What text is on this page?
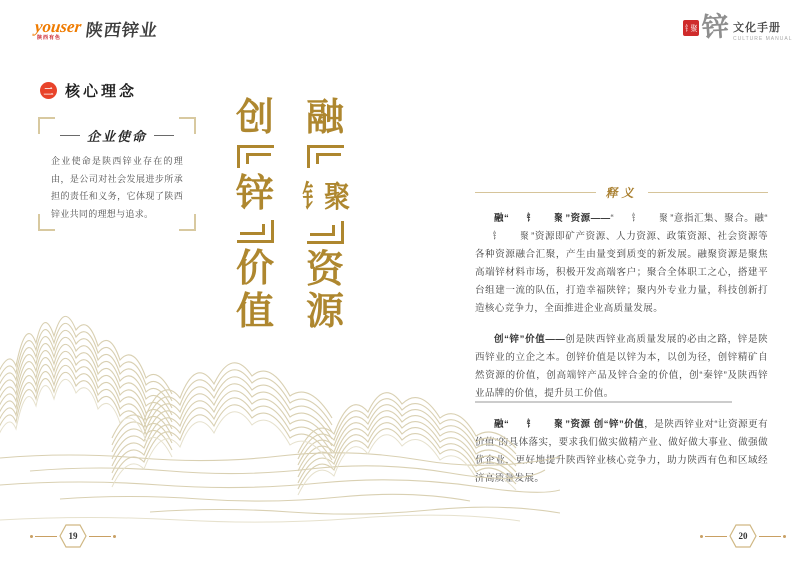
youser
陕西有色 陕西锌业	钅 聚 锌 文化手册
CULTURE MANUAL
二 核心理念
企业使命
企业使命是陕西锌业存在的理由，是公司对社会发展进步所承担的责任和义务，它体现了陕西锌业共同的理想与追求。
创
锌
价
值
融
钅 聚
资
源
释义

融“	钅	聚 ”资源——“	钅	聚 ”意指汇集、聚合。融“
钅	聚 ”资源即矿产资源、人力资源、政策资源、社会资源等各种资源融合汇聚，产生由量变到质变的新发展。融聚资源是聚焦高端锌材料市场，积极开发高端客户；聚合全体职工之心，搭建平台组建一流的队伍，打造幸福陕锌；聚内外专业力量，科技创新打造核心竞争力，全面推进企业高质量发展。

创“锌”价值——创是陕西锌业高质量发展的必由之路，锌是陕西锌业的立企之本。创锌价值是以锌为本，以创为径，创锌精矿自然资源的价值，创高端锌产品及锌合金的价值，创“秦锌”及陕西锌业品牌的价值，提升员工价值。

融“	钅	聚 ”资源 创“锌”价值，是陕西锌业对“让资源更有价值”的具体落实，要求我们做实做精产业、做好做大事业、做强做优企业，更好地提升陕西锌业核心竞争力，助力陕西有色和区域经济高质量发展。

19	20
